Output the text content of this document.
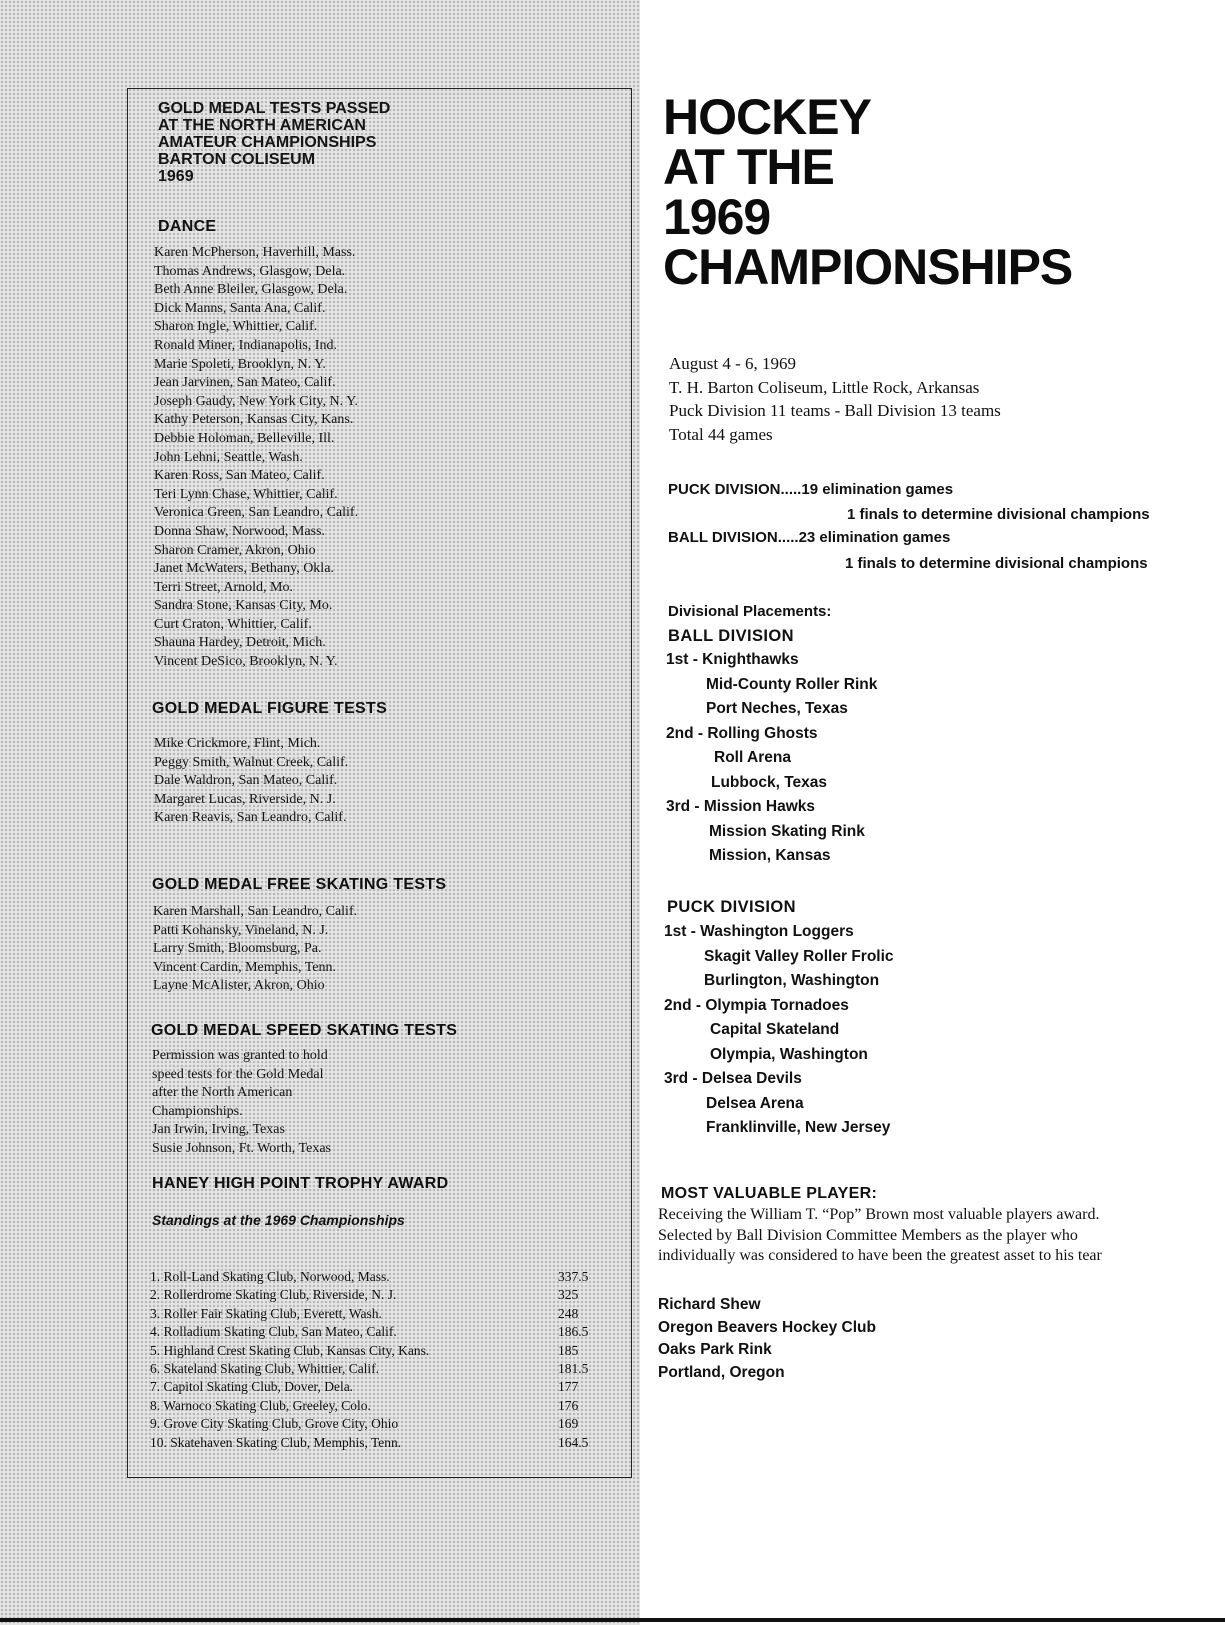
GOLD MEDAL TESTS PASSED
AT THE NORTH AMERICAN
AMATEUR CHAMPIONSHIPS
BARTON COLISEUM
1969
DANCE
Karen McPherson, Haverhill, Mass.
Thomas Andrews, Glasgow, Dela.
Beth Anne Bleiler, Glasgow, Dela.
Dick Manns, Santa Ana, Calif.
Sharon Ingle, Whittier, Calif.
Ronald Miner, Indianapolis, Ind.
Marie Spoleti, Brooklyn, N. Y.
Jean Jarvinen, San Mateo, Calif.
Joseph Gaudy, New York City, N. Y.
Kathy Peterson, Kansas City, Kans.
Debbie Holoman, Belleville, Ill.
John Lehni, Seattle, Wash.
Karen Ross, San Mateo, Calif.
Teri Lynn Chase, Whittier, Calif.
Veronica Green, San Leandro, Calif.
Donna Shaw, Norwood, Mass.
Sharon Cramer, Akron, Ohio
Janet McWaters, Bethany, Okla.
Terri Street, Arnold, Mo.
Sandra Stone, Kansas City, Mo.
Curt Craton, Whittier, Calif.
Shauna Hardey, Detroit, Mich.
Vincent DeSico, Brooklyn, N. Y.
GOLD MEDAL FIGURE TESTS
Mike Crickmore, Flint, Mich.
Peggy Smith, Walnut Creek, Calif.
Dale Waldron, San Mateo, Calif.
Margaret Lucas, Riverside, N. J.
Karen Reavis, San Leandro, Calif.
GOLD MEDAL FREE SKATING TESTS
Karen Marshall, San Leandro, Calif.
Patti Kohansky, Vineland, N. J.
Larry Smith, Bloomsburg, Pa.
Vincent Cardin, Memphis, Tenn.
Layne McAlister, Akron, Ohio
GOLD MEDAL SPEED SKATING TESTS
Permission was granted to hold
speed tests for the Gold Medal
after the North American
Championships.
Jan Irwin, Irving, Texas
Susie Johnson, Ft. Worth, Texas
HANEY HIGH POINT TROPHY AWARD
Standings at the 1969 Championships
1. Roll-Land Skating Club, Norwood, Mass.	337.5
2. Rollerdrome Skating Club, Riverside, N. J.	325
3. Roller Fair Skating Club, Everett, Wash.	248
4. Rolladium Skating Club, San Mateo, Calif.	186.5
5. Highland Crest Skating Club, Kansas City, Kans.	185
6. Skateland Skating Club, Whittier, Calif.	181.5
7. Capitol Skating Club, Dover, Dela.	177
8. Warnoco Skating Club, Greeley, Colo.	176
9. Grove City Skating Club, Grove City, Ohio	169
10. Skatehaven Skating Club, Memphis, Tenn.	164.5
HOCKEY
AT THE
1969
CHAMPIONSHIPS
August 4 - 6, 1969
T. H. Barton Coliseum, Little Rock, Arkansas
Puck Division 11 teams - Ball Division 13 teams
Total 44 games
PUCK DIVISION.....19 elimination games
1 finals to determine divisional champions
BALL DIVISION.....23 elimination games
1 finals to determine divisional champions
Divisional Placements:
BALL DIVISION
1st - Knighthawks
Mid-County Roller Rink
Port Neches, Texas
2nd - Rolling Ghosts
Roll Arena
Lubbock, Texas
3rd - Mission Hawks
Mission Skating Rink
Mission, Kansas
PUCK DIVISION
1st - Washington Loggers
Skagit Valley Roller Frolic
Burlington, Washington
2nd - Olympia Tornadoes
Capital Skateland
Olympia, Washington
3rd - Delsea Devils
Delsea Arena
Franklinville, New Jersey
MOST VALUABLE PLAYER:
Receiving the William T. “Pop” Brown most valuable players award.
Selected by Ball Division Committee Members as the player who
individually was considered to have been the greatest asset to his tear
Richard Shew
Oregon Beavers Hockey Club
Oaks Park Rink
Portland, Oregon
